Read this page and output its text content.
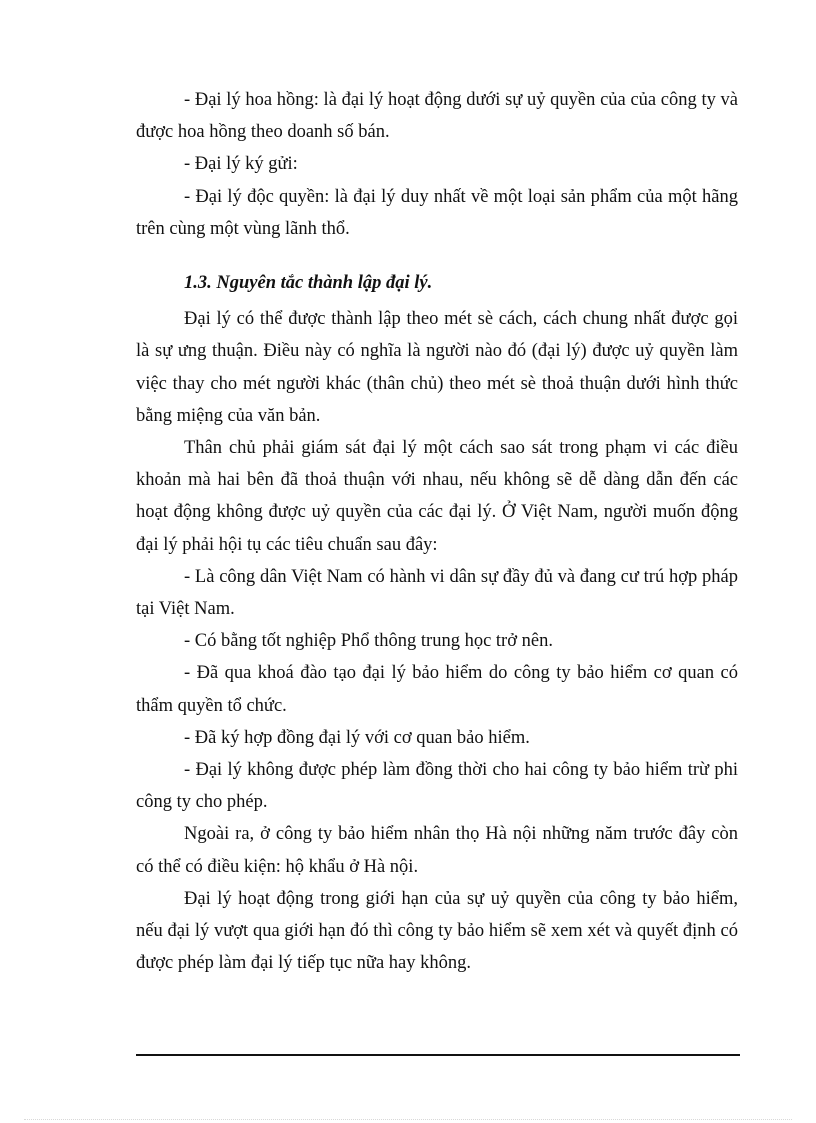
- Đại lý hoa hồng: là đại lý hoạt động dưới sự uỷ quyền của của công ty và được hoa hồng theo doanh số bán.

- Đại lý ký gửi:

- Đại lý độc quyền: là đại lý duy nhất về một loại sản phẩm của một hãng trên cùng một vùng lãnh thổ.

1.3. Nguyên tắc thành lập đại lý.

Đại lý có thể được thành lập theo mét sè cách, cách chung nhất được gọi là sự ưng thuận. Điều này có nghĩa là người nào đó (đại lý) được uỷ quyền làm việc thay cho mét người khác (thân chủ) theo mét sè thoả thuận dưới hình thức bằng miệng của văn bản.

Thân chủ phải giám sát đại lý một cách sao sát trong phạm vi các điều khoản mà hai bên đã thoả thuận với nhau, nếu không sẽ dễ dàng dẫn đến các hoạt động không được uỷ quyền của các đại lý. Ở Việt Nam, người muốn động đại lý phải hội tụ các tiêu chuẩn sau đây:

- Là công dân Việt Nam có hành vi dân sự đầy đủ và đang cư trú hợp pháp tại Việt Nam.

- Có bằng tốt nghiệp Phổ thông trung học trở nên.

- Đã qua khoá đào tạo đại lý bảo hiểm do công ty bảo hiểm cơ quan có thẩm quyền tổ chức.

- Đã ký hợp đồng đại lý với cơ quan bảo hiểm.

- Đại lý không được phép làm đồng thời cho hai công ty bảo hiểm trừ phi công ty cho phép.

Ngoài ra, ở công ty bảo hiểm nhân thọ Hà nội những năm trước đây còn có thể có điều kiện: hộ khẩu ở Hà nội.

Đại lý hoạt động trong giới hạn của sự uỷ quyền của công ty bảo hiểm, nếu đại lý vượt qua giới hạn đó thì công ty bảo hiểm sẽ xem xét và quyết định có được phép làm đại lý tiếp tục nữa hay không.
